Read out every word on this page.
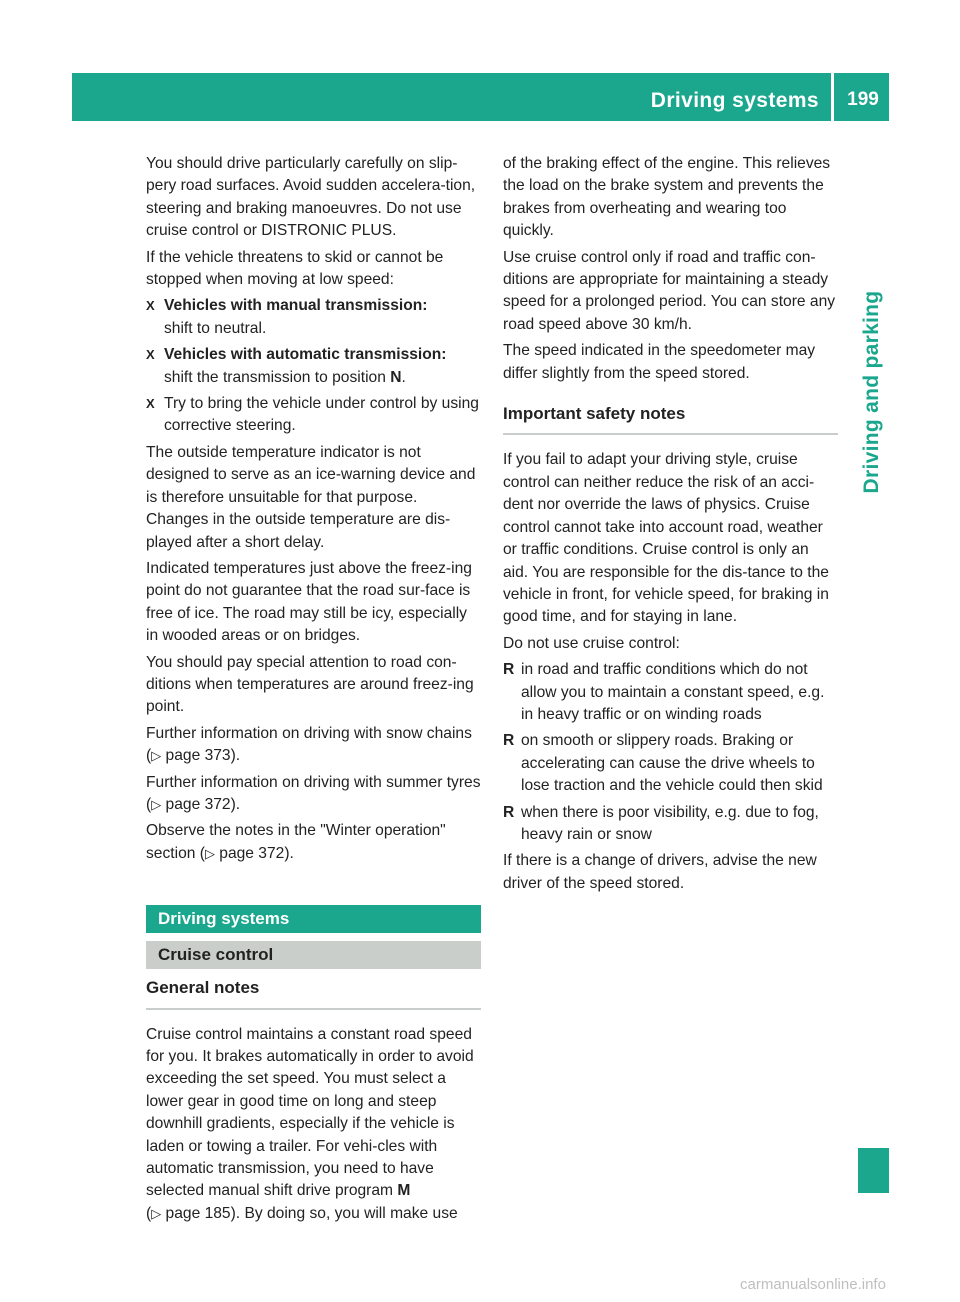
Driving systems	199
Driving and parking

You should drive particularly carefully on slip-pery road surfaces. Avoid sudden accelera-tion, steering and braking manoeuvres. Do not use cruise control or DISTRONIC PLUS.

If the vehicle threatens to skid or cannot be stopped when moving at low speed:

X Vehicles with manual transmission:
shift to neutral.
X Vehicles with automatic transmission:
shift the transmission to position N.
X Try to bring the vehicle under control by using corrective steering.

The outside temperature indicator is not designed to serve as an ice-warning device and is therefore unsuitable for that purpose. Changes in the outside temperature are dis-played after a short delay.

Indicated temperatures just above the freez-ing point do not guarantee that the road sur-face is free of ice. The road may still be icy, especially in wooded areas or on bridges.

You should pay special attention to road con-ditions when temperatures are around freez-ing point.

Further information on driving with snow chains (▷ page 373).

Further information on driving with summer tyres (▷ page 372).

Observe the notes in the "Winter operation" section (▷ page 372).

Driving systems
Cruise control
General notes

Cruise control maintains a constant road speed for you. It brakes automatically in order to avoid exceeding the set speed. You must select a lower gear in good time on long and steep downhill gradients, especially if the vehicle is laden or towing a trailer. For vehi-cles with automatic transmission, you need to have selected manual shift drive program M
(▷ page 185). By doing so, you will make use

of the braking effect of the engine. This relieves the load on the brake system and prevents the brakes from overheating and wearing too quickly.

Use cruise control only if road and traffic con-ditions are appropriate for maintaining a steady speed for a prolonged period. You can store any road speed above 30 km/h.

The speed indicated in the speedometer may differ slightly from the speed stored.

Important safety notes

If you fail to adapt your driving style, cruise control can neither reduce the risk of an acci-dent nor override the laws of physics. Cruise control cannot take into account road, weather or traffic conditions. Cruise control is only an aid. You are responsible for the dis-tance to the vehicle in front, for vehicle speed, for braking in good time, and for staying in lane.

Do not use cruise control:

R in road and traffic conditions which do not allow you to maintain a constant speed, e.g. in heavy traffic or on winding roads
R on smooth or slippery roads. Braking or accelerating can cause the drive wheels to lose traction and the vehicle could then skid
R when there is poor visibility, e.g. due to fog, heavy rain or snow

If there is a change of drivers, advise the new driver of the speed stored.

carmanualsonline.info
